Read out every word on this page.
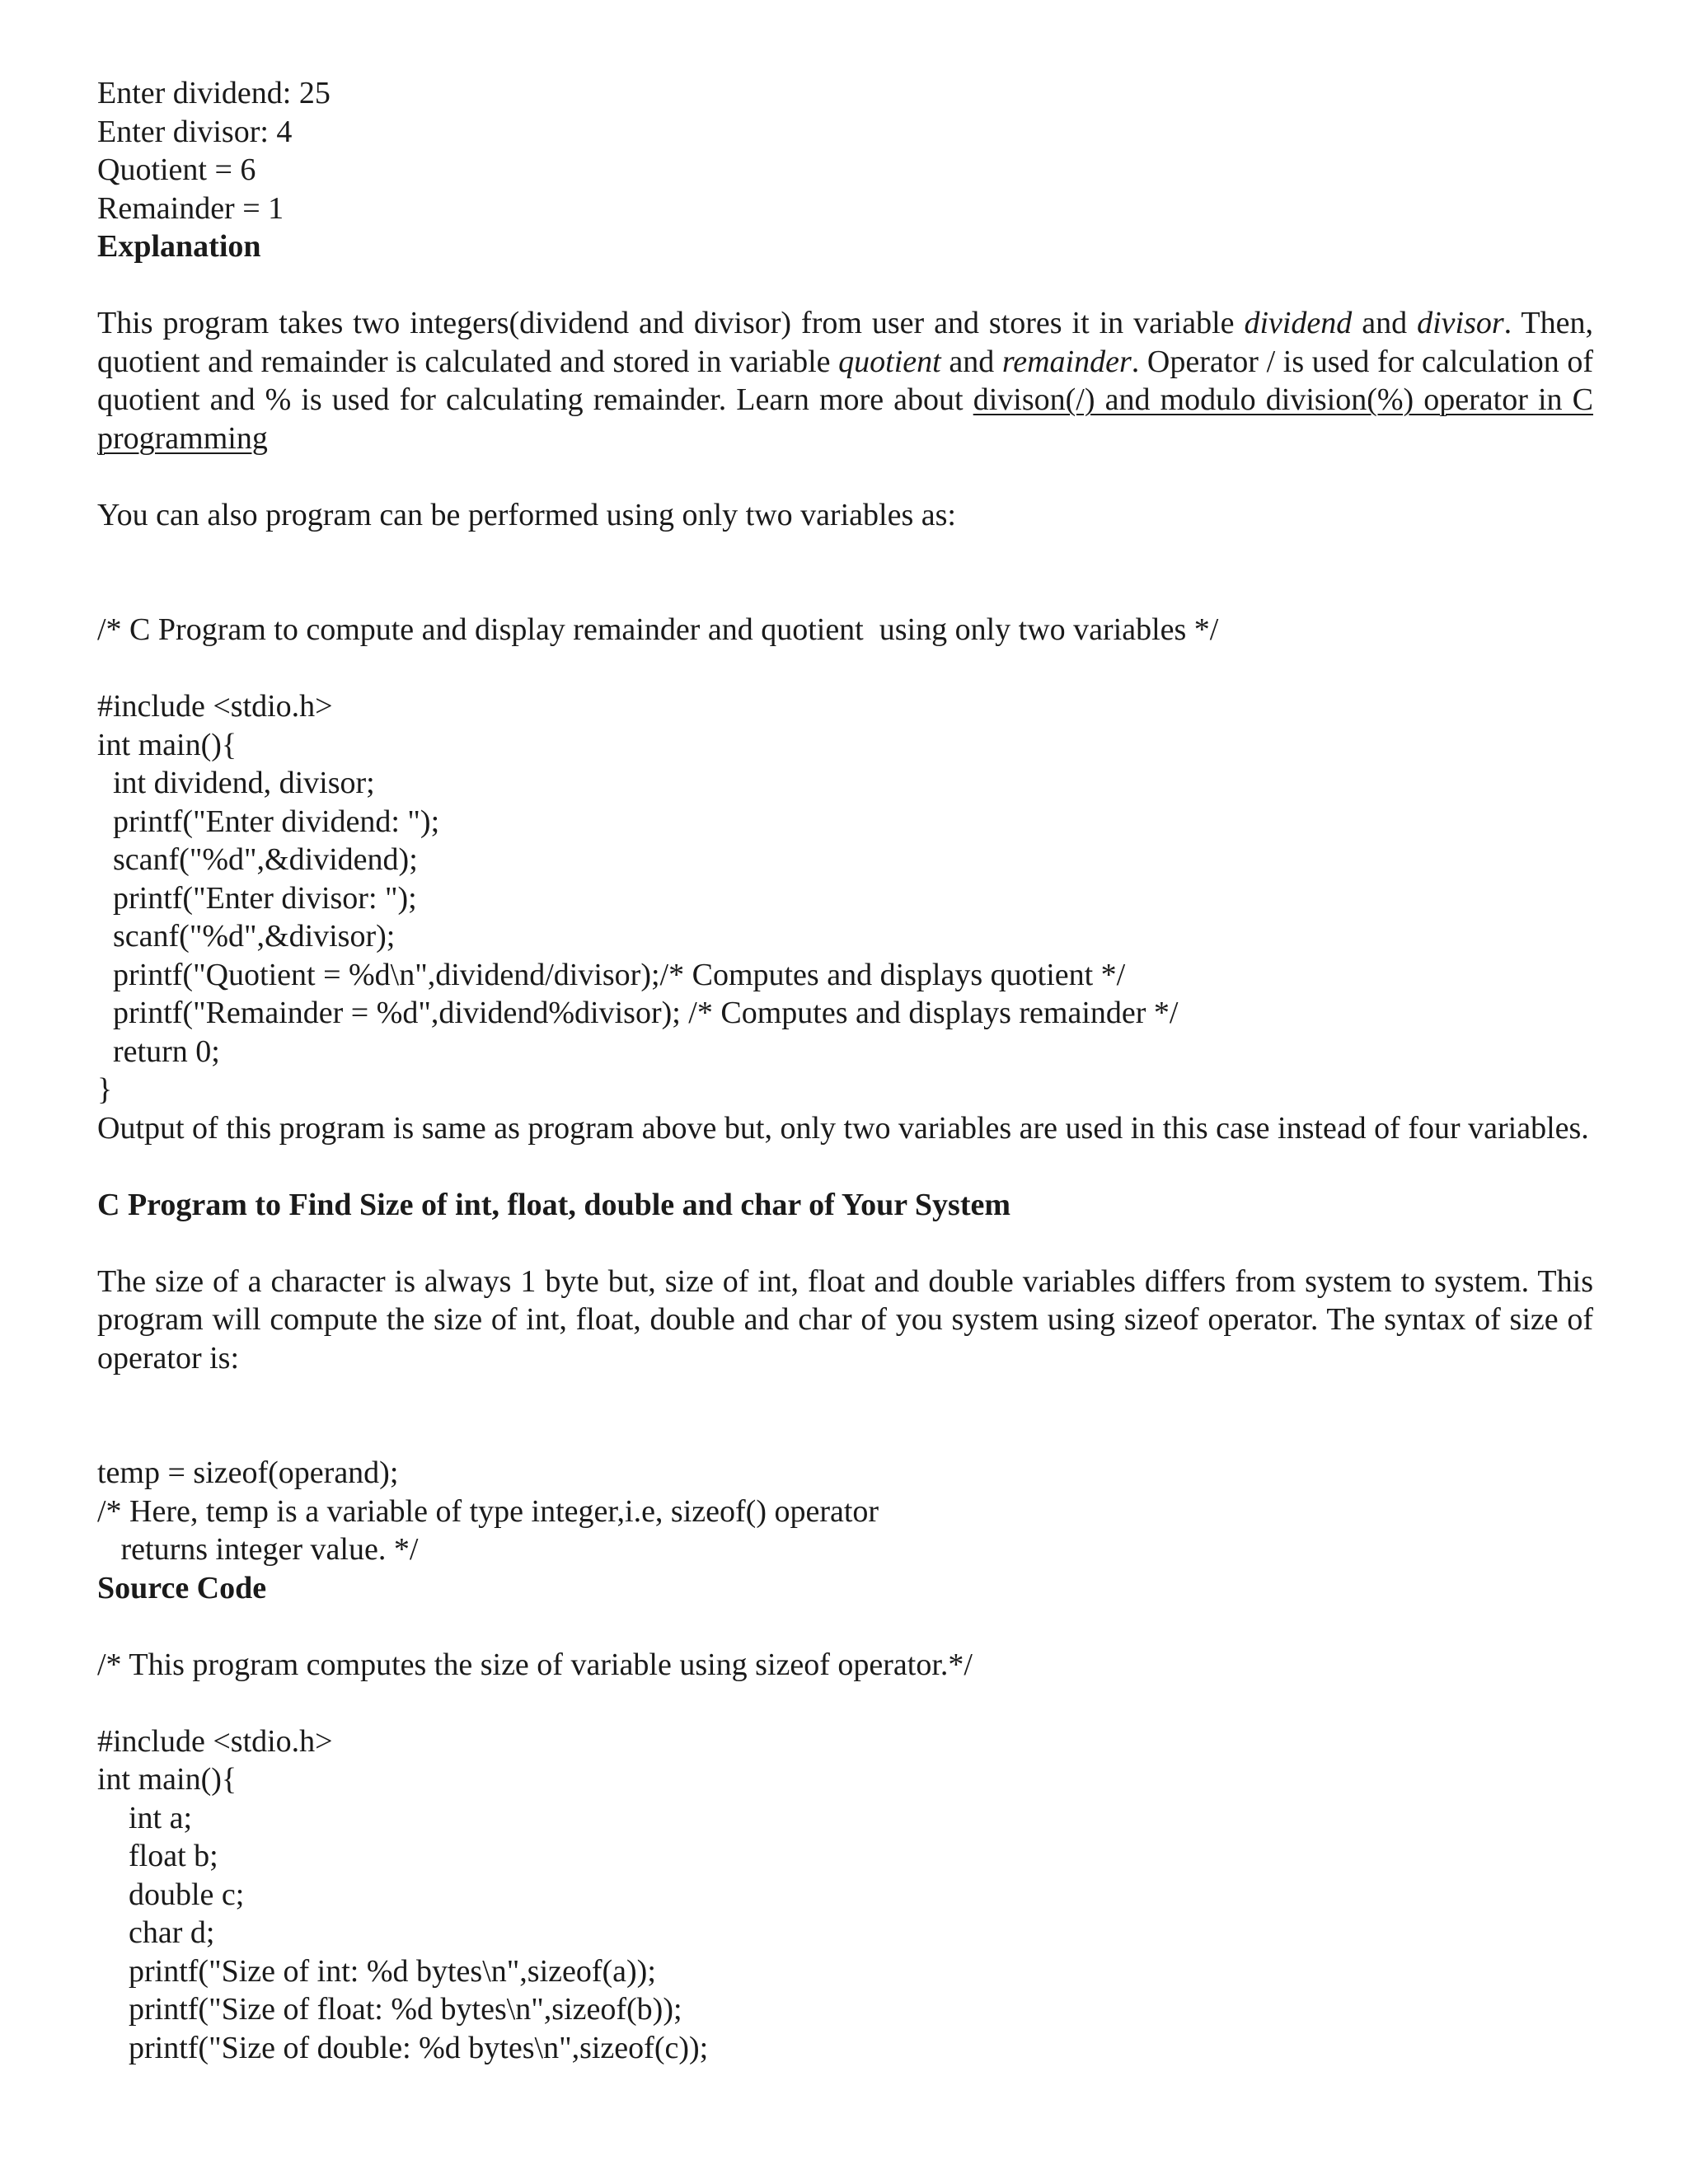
Enter dividend: 25

Enter divisor: 4

Quotient = 6

Remainder = 1

Explanation

This program takes two integers(dividend and divisor) from user and stores it in variable dividend and divisor. Then, quotient and remainder is calculated and stored in variable quotient and remainder. Operator / is used for calculation of quotient and % is used for calculating remainder. Learn more about divison(/) and modulo division(%) operator in C programming

You can also program can be performed using only two variables as:

/* C Program to compute and display remainder and quotient  using only two variables */

#include <stdio.h>

int main(){

int dividend, divisor;

printf("Enter dividend: ");

scanf("%d",&dividend);

printf("Enter divisor: ");

scanf("%d",&divisor);

printf("Quotient = %d\n",dividend/divisor);/* Computes and displays quotient */

printf("Remainder = %d",dividend%divisor); /* Computes and displays remainder */

return 0;

}

Output of this program is same as program above but, only two variables are used in this case instead of four variables.

C Program to Find Size of int, float, double and char of Your System

The size of a character is always 1 byte but, size of int, float and double variables differs from system to system. This program will compute the size of int, float, double and char of you system using sizeof operator. The syntax of size of operator is:

temp = sizeof(operand);

/* Here, temp is a variable of type integer,i.e, sizeof() operator

returns integer value. */

Source Code

/* This program computes the size of variable using sizeof operator.*/

#include <stdio.h>

int main(){

int a;

float b;

double c;

char d;

printf("Size of int: %d bytes\n",sizeof(a));

printf("Size of float: %d bytes\n",sizeof(b));

printf("Size of double: %d bytes\n",sizeof(c));
